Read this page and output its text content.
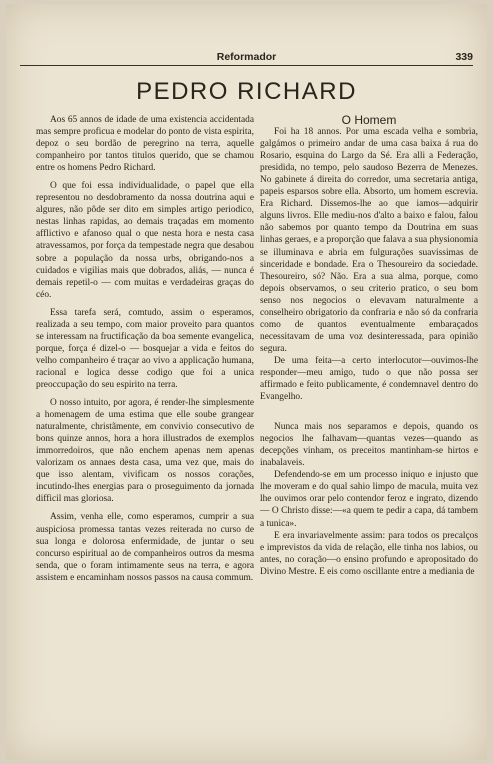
Reformador	339
PEDRO RICHARD

Aos 65 annos de idade de uma existencia accidentada mas sempre proficua e modelar do ponto de vista espirita, depoz o seu bordão de peregrino na terra, aquelle companheiro por tantos titulos querido, que se chamou entre os homens Pedro Richard.

O que foi essa individualidade, o papel que ella representou no desdobramento da nossa doutrina aqui e algures, não pôde ser dito em simples artigo periodico, nestas linhas rapidas, ao demais traçadas em momento afflictivo e afanoso qual o que nesta hora e nesta casa atravessamos, por força da tempestade negra que desabou sobre a população da nossa urbs, obrigando-nos a cuidados e vigilias mais que dobrados, aliás, — nunca é demais repetil-o — com muitas e verdadeiras graças do céo.

Essa tarefa será, comtudo, assim o esperamos, realizada a seu tempo, com maior proveito para quantos se interessam na fructificação da boa semente evangelica, porque, força é dizel-o — bosquejar a vida e feitos do velho companheiro é traçar ao vivo a applicação humana, racional e logica desse codigo que foi a unica preoccupação do seu espirito na terra.

O nosso intuito, por agora, é render-lhe simplesmente a homenagem de uma estima que elle soube grangear naturalmente, christãmente, em convivio consecutivo de bons quinze annos, hora a hora illustrados de exemplos immorredoiros, que não enchem apenas nem apenas valorizam os annaes desta casa, uma vez que, mais do que isso alentam, vivificam os nossos corações, incutindo-lhes energias para o proseguimento da jornada difficil mas gloriosa.

Assim, venha elle, como esperamos, cumprir a sua auspiciosa promessa tantas vezes reiterada no curso de sua longa e dolorosa enfermidade, de juntar o seu concurso espiritual ao de companheiros outros da mesma senda, que o foram intimamente seus na terra, e agora assistem e encaminham nossos passos na causa commum.

O Homem

Foi ha 18 annos. Por uma escada velha e sombria, galgámos o primeiro andar de uma casa baixa á rua do Rosario, esquina do Largo da Sé. Era alli a Federação, presidida, no tempo, pelo saudoso Bezerra de Menezes. No gabinete á direita do corredor, uma secretaria antiga, papeis esparsos sobre ella. Absorto, um homem escrevia. Era Richard. Dissemos-lhe ao que iamos—adquirir alguns livros. Elle mediu-nos d'alto a baixo e falou, falou não sabemos por quanto tempo da Doutrina em suas linhas geraes, e a proporção que falava a sua physionomia se illuminava e abria em fulgurações suavissimas de sinceridade e bondade. Era o Thesoureiro da sociedade. Thesoureiro, só? Não. Era a sua alma, porque, como depois observamos, o seu criterio pratico, o seu bom senso nos negocios o elevavam naturalmente a conselheiro obrigatorio da confraria e não só da confraria como de quantos eventualmente embaraçados necessitavam de uma voz desinteressada, para opinião segura.

De uma feita—a certo interlocutor—ouvimos-lhe responder—meu amigo, tudo o que não possa ser affirmado e feito publicamente, é condemnavel dentro do Evangelho.

Nunca mais nos separamos e depois, quando os negocios lhe falhavam—quantas vezes—quando as decepções vinham, os preceitos mantinham-se hirtos e inabalaveis.

Defendendo-se em um processo iniquo e injusto que lhe moveram e do qual sahio limpo de macula, muita vez lhe ouvimos orar pelo contendor feroz e ingrato, dizendo — O Christo disse:—«a quem te pedir a capa, dá tambem a tunica».

E era invariavelmente assim: para todos os precalços e imprevistos da vida de relação, elle tinha nos labios, ou antes, no coração—o ensino profundo e apropositado do Divino Mestre. E eis como oscillante entre a mediania de
